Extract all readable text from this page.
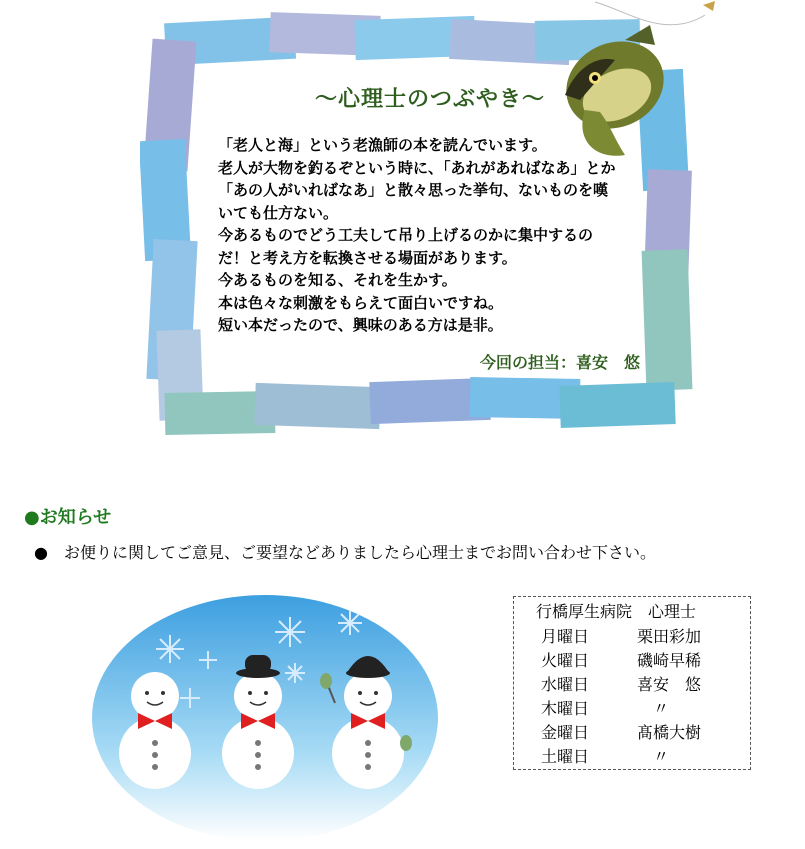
～心理士のつぶやき～
「老人と海」という老漁師の本を読んでいます。
老人が大物を釣るぞという時に、「あれがあればなあ」とか
「あの人がいればなあ」と散々思った挙句、ないものを嘆
いても仕方ない。
今あるものでどう工夫して吊り上げるのかに集中するの
だ！と考え方を転換させる場面があります。
今あるものを知る、それを生かす。
本は色々な刺激をもらえて面白いですね。
短い本だったので、興味のある方は是非。
今回の担当：喜安　悠
●お知らせ
● お便りに関してご意見、ご要望などありましたら心理士までお問い合わせ下さい。
行橋厚生病院　心理士
月曜日	栗田彩加
火曜日	磯崎早稀
水曜日	喜安　悠
木曜日	　〃
金曜日	髙橋大樹
土曜日	　〃
